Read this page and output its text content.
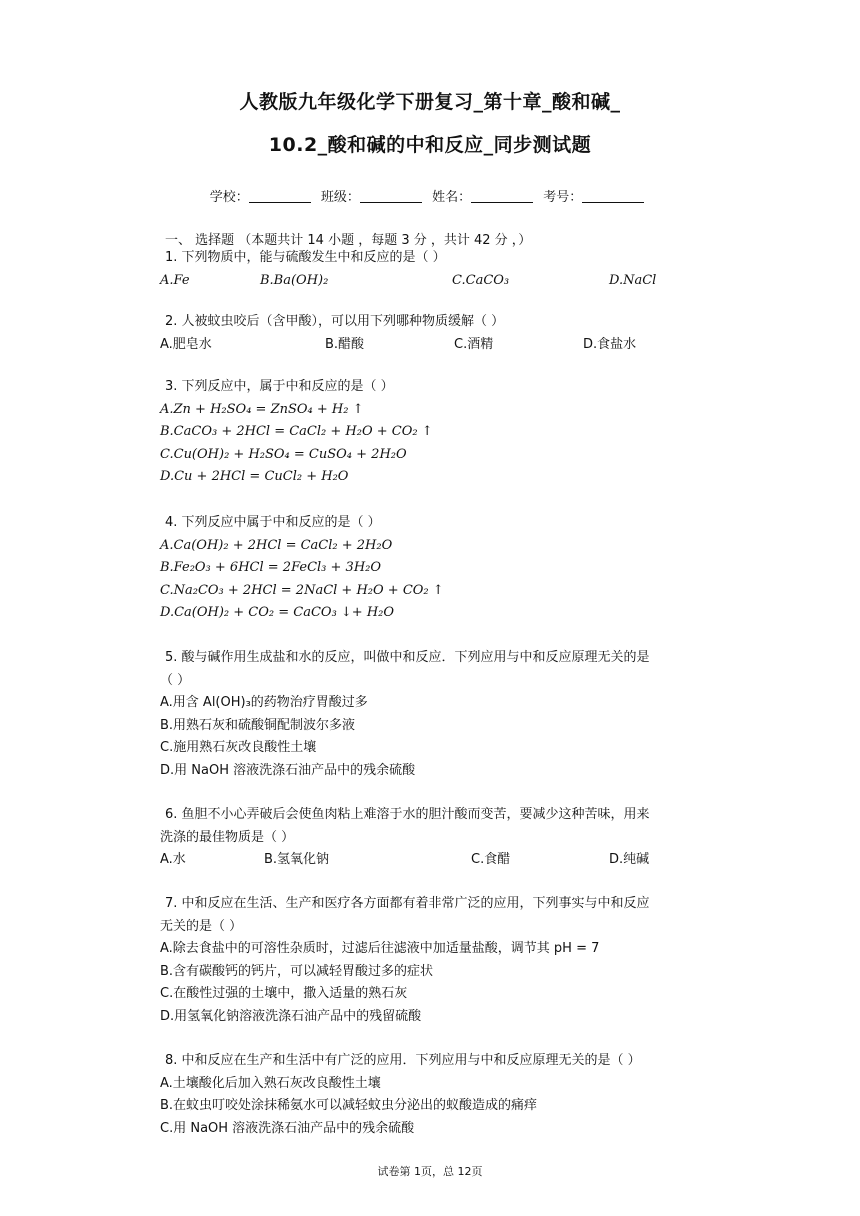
人教版九年级化学下册复习_第十章_酸和碱_
10.2_酸和碱的中和反应_同步测试题
学校：	班级：	姓名：	考号：
一、 选择题 （本题共计 14 小题 ，每题 3 分 ，共计 42 分 ，）
1. 下列物质中，能与硫酸发生中和反应的是（ ）
A.Fe	B.Ba(OH)₂	C.CaCO₃	D.NaCl
2. 人被蚊虫咬后（含甲酸），可以用下列哪种物质缓解（ ）
A.肥皂水	B.醋酸	C.酒精	D.食盐水
3. 下列反应中，属于中和反应的是（ ）
A.Zn + H₂SO₄ = ZnSO₄ + H₂ ↑
B.CaCO₃ + 2HCl = CaCl₂ + H₂O + CO₂ ↑
C.Cu(OH)₂ + H₂SO₄ = CuSO₄ + 2H₂O
D.Cu + 2HCl = CuCl₂ + H₂O
4. 下列反应中属于中和反应的是（ ）
A.Ca(OH)₂ + 2HCl = CaCl₂ + 2H₂O
B.Fe₂O₃ + 6HCl = 2FeCl₃ + 3H₂O
C.Na₂CO₃ + 2HCl = 2NaCl + H₂O + CO₂ ↑
D.Ca(OH)₂ + CO₂ = CaCO₃ ↓+ H₂O
5. 酸与碱作用生成盐和水的反应，叫做中和反应．下列应用与中和反应原理无关的是
（ ）
A.用含 Al(OH)₃的药物治疗胃酸过多
B.用熟石灰和硫酸铜配制波尔多液
C.施用熟石灰改良酸性土壤
D.用 NaOH 溶液洗涤石油产品中的残余硫酸
6. 鱼胆不小心弄破后会使鱼肉粘上难溶于水的胆汁酸而变苦，要减少这种苦味，用来
洗涤的最佳物质是（ ）
A.水	B.氢氧化钠	C.食醋	D.纯碱
7. 中和反应在生活、生产和医疗各方面都有着非常广泛的应用，下列事实与中和反应
无关的是（ ）
A.除去食盐中的可溶性杂质时，过滤后往滤液中加适量盐酸，调节其 pH = 7
B.含有碳酸钙的钙片，可以减轻胃酸过多的症状
C.在酸性过强的土壤中，撒入适量的熟石灰
D.用氢氧化钠溶液洗涤石油产品中的残留硫酸
8. 中和反应在生产和生活中有广泛的应用．下列应用与中和反应原理无关的是（ ）
A.土壤酸化后加入熟石灰改良酸性土壤
B.在蚊虫叮咬处涂抹稀氨水可以减轻蚊虫分泌出的蚁酸造成的痛痒
C.用 NaOH 溶液洗涤石油产品中的残余硫酸
试卷第 1页，总 12页
